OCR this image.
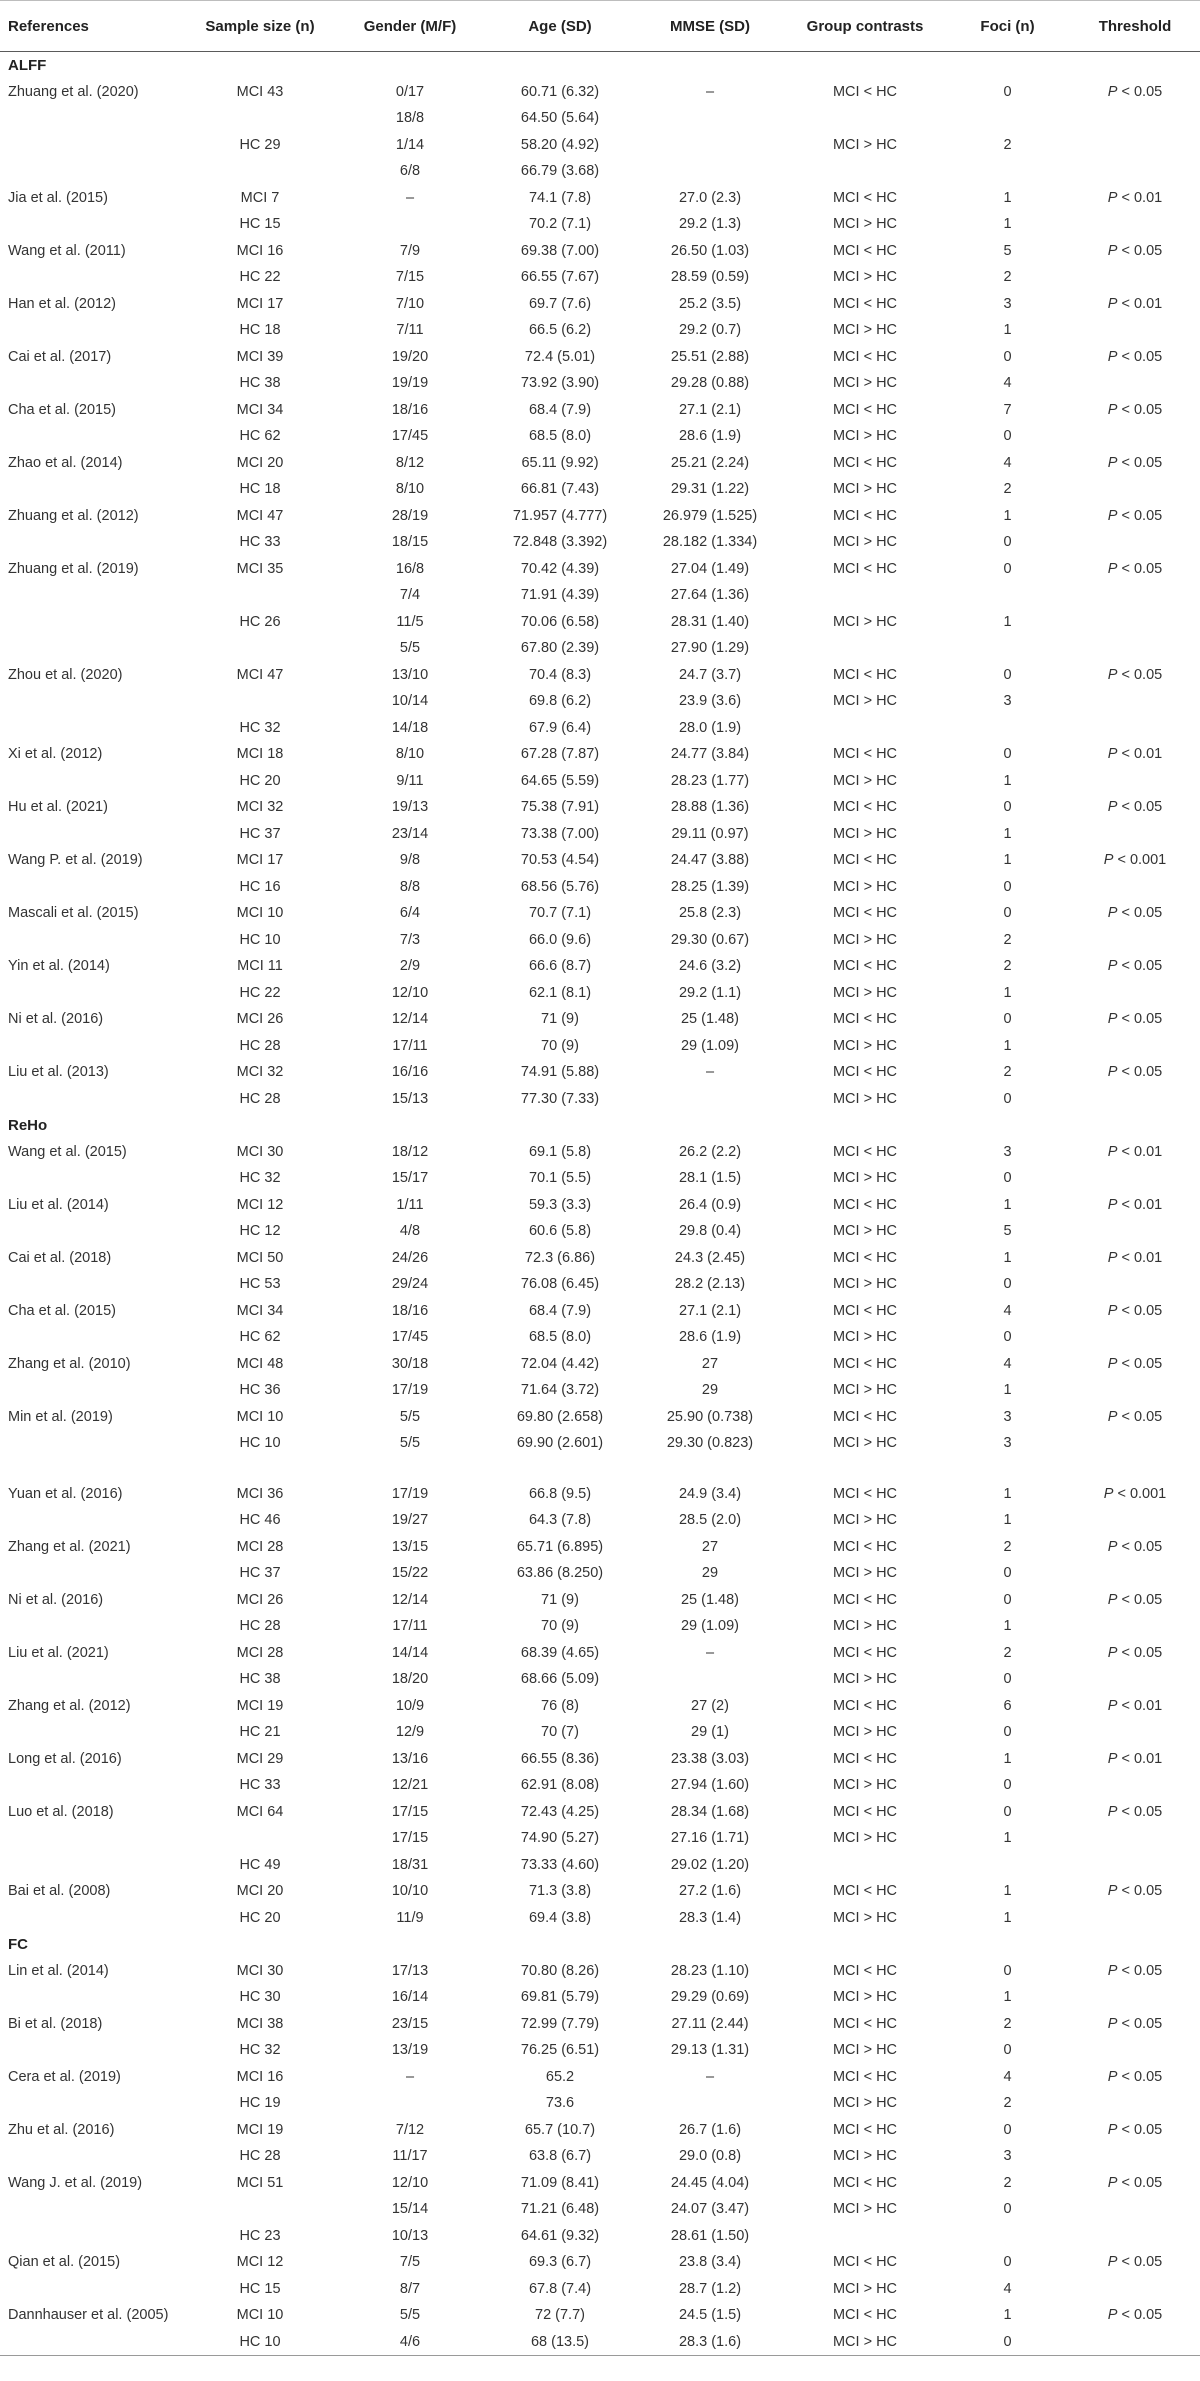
References	Sample size (n)	Gender (M/F)	Age (SD)	MMSE (SD)	Group contrasts	Foci (n)	Threshold
ALFF							
Zhuang et al. (2020)	MCI 43	0/17	60.71 (6.32)	–	MCI < HC	0	P < 0.05
		18/8	64.50 (5.64)				
	HC 29	1/14	58.20 (4.92)		MCI > HC	2	
		6/8	66.79 (3.68)				
Jia et al. (2015)	MCI 7	–	74.1 (7.8)	27.0 (2.3)	MCI < HC	1	P < 0.01
	HC 15		70.2 (7.1)	29.2 (1.3)	MCI > HC	1	
Wang et al. (2011)	MCI 16	7/9	69.38 (7.00)	26.50 (1.03)	MCI < HC	5	P < 0.05
	HC 22	7/15	66.55 (7.67)	28.59 (0.59)	MCI > HC	2	
Han et al. (2012)	MCI 17	7/10	69.7 (7.6)	25.2 (3.5)	MCI < HC	3	P < 0.01
	HC 18	7/11	66.5 (6.2)	29.2 (0.7)	MCI > HC	1	
Cai et al. (2017)	MCI 39	19/20	72.4 (5.01)	25.51 (2.88)	MCI < HC	0	P < 0.05
	HC 38	19/19	73.92 (3.90)	29.28 (0.88)	MCI > HC	4	
Cha et al. (2015)	MCI 34	18/16	68.4 (7.9)	27.1 (2.1)	MCI < HC	7	P < 0.05
	HC 62	17/45	68.5 (8.0)	28.6 (1.9)	MCI > HC	0	
Zhao et al. (2014)	MCI 20	8/12	65.11 (9.92)	25.21 (2.24)	MCI < HC	4	P < 0.05
	HC 18	8/10	66.81 (7.43)	29.31 (1.22)	MCI > HC	2	
Zhuang et al. (2012)	MCI 47	28/19	71.957 (4.777)	26.979 (1.525)	MCI < HC	1	P < 0.05
	HC 33	18/15	72.848 (3.392)	28.182 (1.334)	MCI > HC	0	
Zhuang et al. (2019)	MCI 35	16/8	70.42 (4.39)	27.04 (1.49)	MCI < HC	0	P < 0.05
		7/4	71.91 (4.39)	27.64 (1.36)			
	HC 26	11/5	70.06 (6.58)	28.31 (1.40)	MCI > HC	1	
		5/5	67.80 (2.39)	27.90 (1.29)			
Zhou et al. (2020)	MCI 47	13/10	70.4 (8.3)	24.7 (3.7)	MCI < HC	0	P < 0.05
		10/14	69.8 (6.2)	23.9 (3.6)	MCI > HC	3	
	HC 32	14/18	67.9 (6.4)	28.0 (1.9)			
Xi et al. (2012)	MCI 18	8/10	67.28 (7.87)	24.77 (3.84)	MCI < HC	0	P < 0.01
	HC 20	9/11	64.65 (5.59)	28.23 (1.77)	MCI > HC	1	
Hu et al. (2021)	MCI 32	19/13	75.38 (7.91)	28.88 (1.36)	MCI < HC	0	P < 0.05
	HC 37	23/14	73.38 (7.00)	29.11 (0.97)	MCI > HC	1	
Wang P. et al. (2019)	MCI 17	9/8	70.53 (4.54)	24.47 (3.88)	MCI < HC	1	P < 0.001
	HC 16	8/8	68.56 (5.76)	28.25 (1.39)	MCI > HC	0	
Mascali et al. (2015)	MCI 10	6/4	70.7 (7.1)	25.8 (2.3)	MCI < HC	0	P < 0.05
	HC 10	7/3	66.0 (9.6)	29.30 (0.67)	MCI > HC	2	
Yin et al. (2014)	MCI 11	2/9	66.6 (8.7)	24.6 (3.2)	MCI < HC	2	P < 0.05
	HC 22	12/10	62.1 (8.1)	29.2 (1.1)	MCI > HC	1	
Ni et al. (2016)	MCI 26	12/14	71 (9)	25 (1.48)	MCI < HC	0	P < 0.05
	HC 28	17/11	70 (9)	29 (1.09)	MCI > HC	1	
Liu et al. (2013)	MCI 32	16/16	74.91 (5.88)	–	MCI < HC	2	P < 0.05
	HC 28	15/13	77.30 (7.33)		MCI > HC	0	
ReHo							
Wang et al. (2015)	MCI 30	18/12	69.1 (5.8)	26.2 (2.2)	MCI < HC	3	P < 0.01
	HC 32	15/17	70.1 (5.5)	28.1 (1.5)	MCI > HC	0	
Liu et al. (2014)	MCI 12	1/11	59.3 (3.3)	26.4 (0.9)	MCI < HC	1	P < 0.01
	HC 12	4/8	60.6 (5.8)	29.8 (0.4)	MCI > HC	5	
Cai et al. (2018)	MCI 50	24/26	72.3 (6.86)	24.3 (2.45)	MCI < HC	1	P < 0.01
	HC 53	29/24	76.08 (6.45)	28.2 (2.13)	MCI > HC	0	
Cha et al. (2015)	MCI 34	18/16	68.4 (7.9)	27.1 (2.1)	MCI < HC	4	P < 0.05
	HC 62	17/45	68.5 (8.0)	28.6 (1.9)	MCI > HC	0	
Zhang et al. (2010)	MCI 48	30/18	72.04 (4.42)	27	MCI < HC	4	P < 0.05
	HC 36	17/19	71.64 (3.72)	29	MCI > HC	1	
Min et al. (2019)	MCI 10	5/5	69.80 (2.658)	25.90 (0.738)	MCI < HC	3	P < 0.05
	HC 10	5/5	69.90 (2.601)	29.30 (0.823)	MCI > HC	3	

Yuan et al. (2016)	MCI 36	17/19	66.8 (9.5)	24.9 (3.4)	MCI < HC	1	P < 0.001
	HC 46	19/27	64.3 (7.8)	28.5 (2.0)	MCI > HC	1	
Zhang et al. (2021)	MCI 28	13/15	65.71 (6.895)	27	MCI < HC	2	P < 0.05
	HC 37	15/22	63.86 (8.250)	29	MCI > HC	0	
Ni et al. (2016)	MCI 26	12/14	71 (9)	25 (1.48)	MCI < HC	0	P < 0.05
	HC 28	17/11	70 (9)	29 (1.09)	MCI > HC	1	
Liu et al. (2021)	MCI 28	14/14	68.39 (4.65)	–	MCI < HC	2	P < 0.05
	HC 38	18/20	68.66 (5.09)		MCI > HC	0	
Zhang et al. (2012)	MCI 19	10/9	76 (8)	27 (2)	MCI < HC	6	P < 0.01
	HC 21	12/9	70 (7)	29 (1)	MCI > HC	0	
Long et al. (2016)	MCI 29	13/16	66.55 (8.36)	23.38 (3.03)	MCI < HC	1	P < 0.01
	HC 33	12/21	62.91 (8.08)	27.94 (1.60)	MCI > HC	0	
Luo et al. (2018)	MCI 64	17/15	72.43 (4.25)	28.34 (1.68)	MCI < HC	0	P < 0.05
		17/15	74.90 (5.27)	27.16 (1.71)	MCI > HC	1	
	HC 49	18/31	73.33 (4.60)	29.02 (1.20)			
Bai et al. (2008)	MCI 20	10/10	71.3 (3.8)	27.2 (1.6)	MCI < HC	1	P < 0.05
	HC 20	11/9	69.4 (3.8)	28.3 (1.4)	MCI > HC	1	
FC							
Lin et al. (2014)	MCI 30	17/13	70.80 (8.26)	28.23 (1.10)	MCI < HC	0	P < 0.05
	HC 30	16/14	69.81 (5.79)	29.29 (0.69)	MCI > HC	1	
Bi et al. (2018)	MCI 38	23/15	72.99 (7.79)	27.11 (2.44)	MCI < HC	2	P < 0.05
	HC 32	13/19	76.25 (6.51)	29.13 (1.31)	MCI > HC	0	
Cera et al. (2019)	MCI 16	–	65.2	–	MCI < HC	4	P < 0.05
	HC 19		73.6		MCI > HC	2	
Zhu et al. (2016)	MCI 19	7/12	65.7 (10.7)	26.7 (1.6)	MCI < HC	0	P < 0.05
	HC 28	11/17	63.8 (6.7)	29.0 (0.8)	MCI > HC	3	
Wang J. et al. (2019)	MCI 51	12/10	71.09 (8.41)	24.45 (4.04)	MCI < HC	2	P < 0.05
		15/14	71.21 (6.48)	24.07 (3.47)	MCI > HC	0	
	HC 23	10/13	64.61 (9.32)	28.61 (1.50)			
Qian et al. (2015)	MCI 12	7/5	69.3 (6.7)	23.8 (3.4)	MCI < HC	0	P < 0.05
	HC 15	8/7	67.8 (7.4)	28.7 (1.2)	MCI > HC	4	
Dannhauser et al. (2005)	MCI 10	5/5	72 (7.7)	24.5 (1.5)	MCI < HC	1	P < 0.05
	HC 10	4/6	68 (13.5)	28.3 (1.6)	MCI > HC	0	
